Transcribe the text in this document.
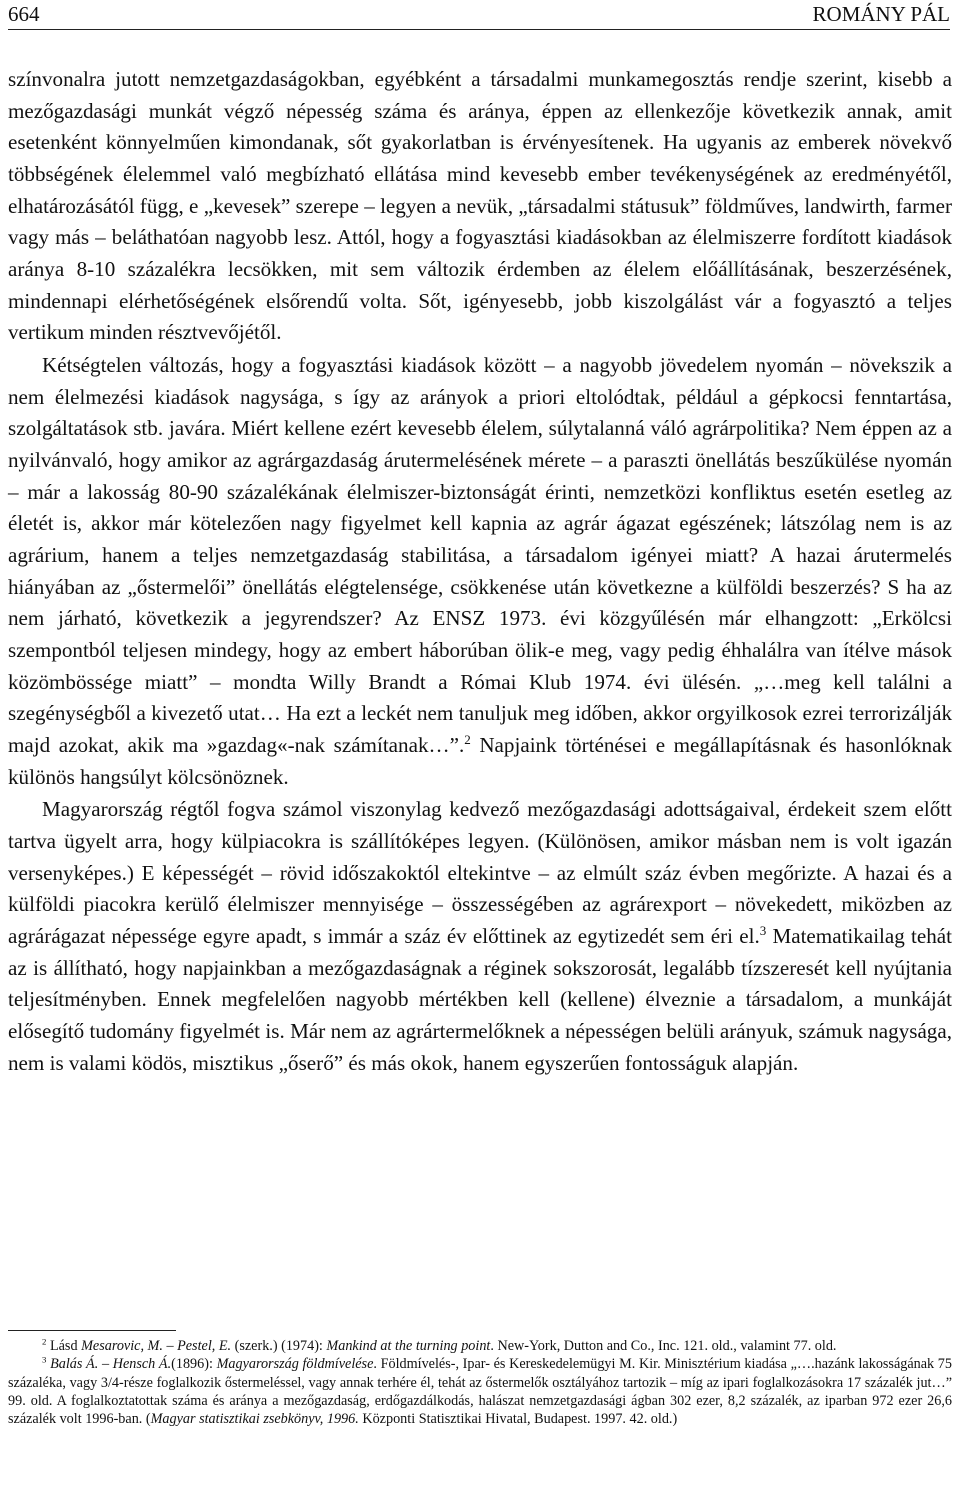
664	ROMÁNY PÁL

színvonalra jutott nemzetgazdaságokban, egyébként a társadalmi munkamegosztás rendje szerint, kisebb a mezőgazdasági munkát végző népesség száma és aránya, éppen az ellenkezője következik annak, amit esetenként könnyelműen kimondanak, sőt gyakorlatban is érvényesítenek. Ha ugyanis az emberek növekvő többségének élelemmel való megbízható ellátása mind kevesebb ember tevékenységének az eredményétől, elhatározásától függ, e „kevesek” szerepe – legyen a nevük, „társadalmi státusuk” földműves, landwirth, farmer vagy más – beláthatóan nagyobb lesz. Attól, hogy a fogyasztási kiadásokban az élelmiszerre fordított kiadások aránya 8-10 százalékra lecsökken, mit sem változik érdemben az élelem előállításának, beszerzésének, mindennapi elérhetőségének elsőrendű volta. Sőt, igényesebb, jobb kiszolgálást vár a fogyasztó a teljes vertikum minden résztvevőjétől.

Kétségtelen változás, hogy a fogyasztási kiadások között – a nagyobb jövedelem nyomán – növekszik a nem élelmezési kiadások nagysága, s így az arányok a priori eltolódtak, például a gépkocsi fenntartása, szolgáltatások stb. javára. Miért kellene ezért kevesebb élelem, súlytalanná váló agrárpolitika? Nem éppen az a nyilvánvaló, hogy amikor az agrárgazdaság árutermelésének mérete – a paraszti önellátás beszűkülése nyomán – már a lakosság 80-90 százalékának élelmiszer-biztonságát érinti, nemzetközi konfliktus esetén esetleg az életét is, akkor már kötelezően nagy figyelmet kell kapnia az agrár ágazat egészének; látszólag nem is az agrárium, hanem a teljes nemzetgazdaság stabilitása, a társadalom igényei miatt? A hazai árutermelés hiányában az „őstermelői” önellátás elégtelensége, csökkenése után következne a külföldi beszerzés? S ha az nem járható, következik a jegyrendszer? Az ENSZ 1973. évi közgyűlésén már elhangzott: „Erkölcsi szempontból teljesen mindegy, hogy az embert háborúban ölik-e meg, vagy pedig éhhalálra van ítélve mások közömbössége miatt” – mondta Willy Brandt a Római Klub 1974. évi ülésén. „…meg kell találni a szegénységből a kivezető utat… Ha ezt a leckét nem tanuljuk meg időben, akkor orgyilkosok ezrei terrorizálják majd azokat, akik ma »gazdag«-nak számítanak…”.$^2$ Napjaink történései e megállapításnak és hasonlóknak különös hangsúlyt kölcsönöznek.

Magyarország régtől fogva számol viszonylag kedvező mezőgazdasági adottságaival, érdekeit szem előtt tartva ügyelt arra, hogy külpiacokra is szállítóképes legyen. (Különösen, amikor másban nem is volt igazán versenyképes.) E képességét – rövid időszakoktól eltekintve – az elmúlt száz évben megőrizte. A hazai és a külföldi piacokra kerülő élelmiszer mennyisége – összességében az agrárexport – növekedett, miközben az agrárágazat népessége egyre apadt, s immár a száz év előttinek az egytizedét sem éri el.$^3$ Matematikailag tehát az is állítható, hogy napjainkban a mezőgazdaságnak a réginek sokszorosát, legalább tízszeresét kell nyújtania teljesítményben. Ennek megfelelően nagyobb mértékben kell (kellene) élveznie a társadalom, a munkáját elősegítő tudomány figyelmét is. Már nem az agrártermelőknek a népességen belüli arányuk, számuk nagysága, nem is valami ködös, misztikus „őserő” és más okok, hanem egyszerűen fontosságuk alapján.

$^2$ Lásd Mesarovic, M. – Pestel, E. (szerk.) (1974): Mankind at the turning point. New-York, Dutton and Co., Inc. 121. old., valamint 77. old.

$^3$ Balás Á. – Hensch Á.(1896): Magyarország földmívelése. Földmívelés-, Ipar- és Kereskedelemügyi M. Kir. Minisztérium kiadása „….hazánk lakosságának 75 százaléka, vagy 3/4-része foglalkozik őstermeléssel, vagy annak terhére él, tehát az őstermelők osztályához tartozik – míg az ipari foglalkozásokra 17 százalék jut…” 99. old. A foglalkoztatottak száma és aránya a mezőgazdaság, erdőgazdálkodás, halászat nemzetgazdasági ágban 302 ezer, 8,2 százalék, az iparban 972 ezer 26,6 százalék volt 1996-ban. (Magyar statisztikai zsebkönyv, 1996. Központi Statisztikai Hivatal, Budapest. 1997. 42. old.)
